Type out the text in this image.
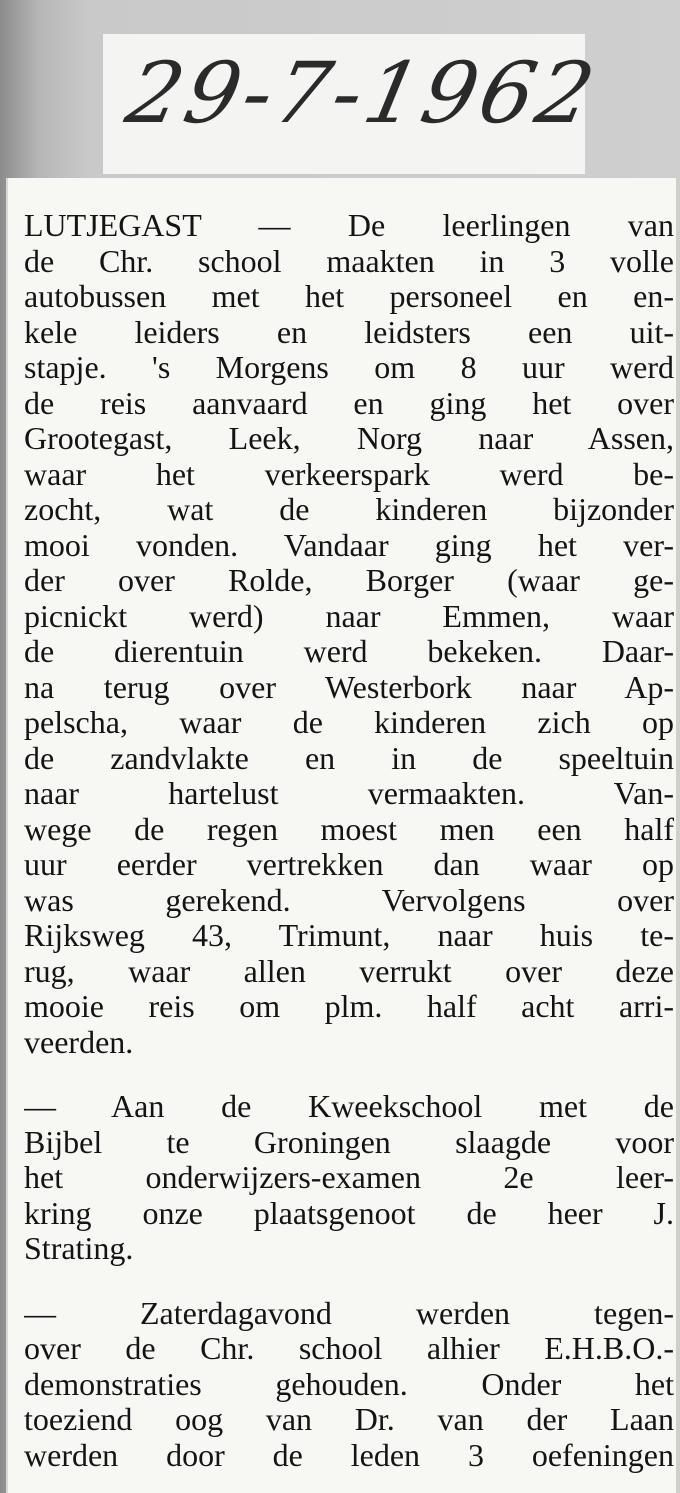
29-7-1962
LUTJEGAST — De leerlingen van
de Chr. school maakten in 3 volle
autobussen met het personeel en en-
kele leiders en leidsters een uit-
stapje. 's Morgens om 8 uur werd
de reis aanvaard en ging het over
Grootegast, Leek, Norg naar Assen,
waar het verkeerspark werd be-
zocht, wat de kinderen bijzonder
mooi vonden. Vandaar ging het ver-
der over Rolde, Borger (waar ge-
picnickt werd) naar Emmen, waar
de dierentuin werd bekeken. Daar-
na terug over Westerbork naar Ap-
pelscha, waar de kinderen zich op
de zandvlakte en in de speeltuin
naar hartelust vermaakten. Van-
wege de regen moest men een half
uur eerder vertrekken dan waar op
was gerekend. Vervolgens over
Rijksweg 43, Trimunt, naar huis te-
rug, waar allen verrukt over deze
mooie reis om plm. half acht arri-
veerden.
— Aan de Kweekschool met de
Bijbel te Groningen slaagde voor
het onderwijzers-examen 2e leer-
kring onze plaatsgenoot de heer J.
Strating.
— Zaterdagavond werden tegen-
over de Chr. school alhier E.H.B.O.-
demonstraties gehouden. Onder het
toeziend oog van Dr. van der Laan
werden door de leden 3 oefeningen
